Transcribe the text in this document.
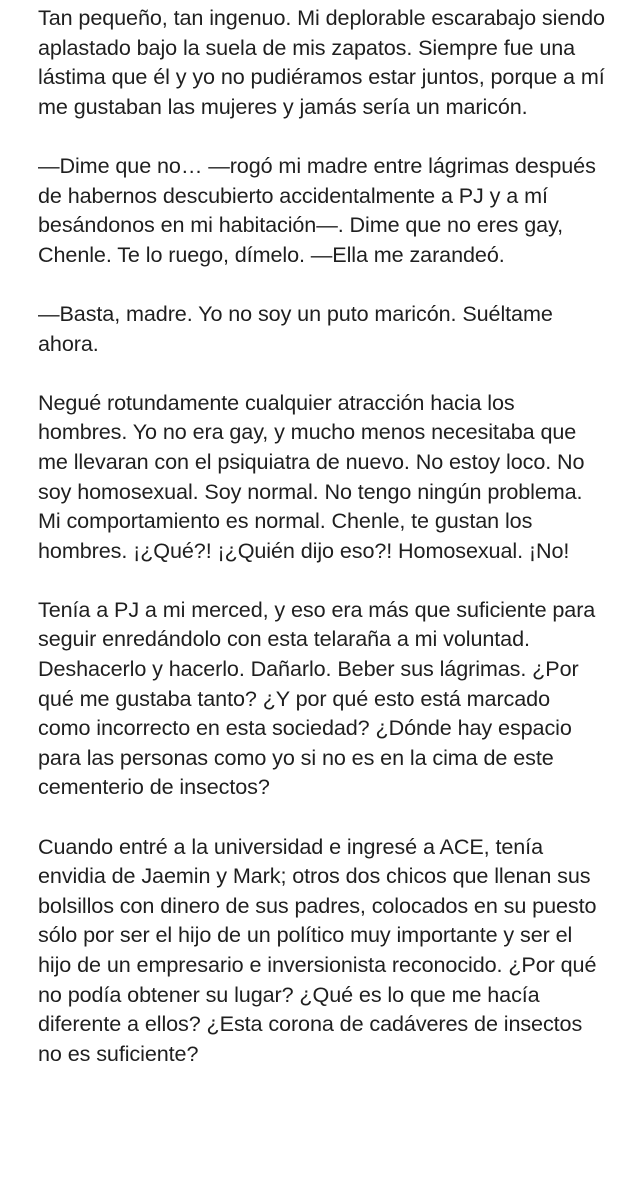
Tan pequeño, tan ingenuo. Mi deplorable escarabajo siendo aplastado bajo la suela de mis zapatos. Siempre fue una lástima que él y yo no pudiéramos estar juntos, porque a mí me gustaban las mujeres y jamás sería un maricón.

—Dime que no… —rogó mi madre entre lágrimas después de habernos descubierto accidentalmente a PJ y a mí besándonos en mi habitación—. Dime que no eres gay, Chenle. Te lo ruego, dímelo. —Ella me zarandeó.

—Basta, madre. Yo no soy un puto maricón. Suéltame ahora.

Negué rotundamente cualquier atracción hacia los hombres. Yo no era gay, y mucho menos necesitaba que me llevaran con el psiquiatra de nuevo. No estoy loco. No soy homosexual. Soy normal. No tengo ningún problema. Mi comportamiento es normal. Chenle, te gustan los hombres. ¡¿Qué?! ¡¿Quién dijo eso?! Homosexual. ¡No!

Tenía a PJ a mi merced, y eso era más que suficiente para seguir enredándolo con esta telaraña a mi voluntad. Deshacerlo y hacerlo. Dañarlo. Beber sus lágrimas. ¿Por qué me gustaba tanto? ¿Y por qué esto está marcado como incorrecto en esta sociedad? ¿Dónde hay espacio para las personas como yo si no es en la cima de este cementerio de insectos?

Cuando entré a la universidad e ingresé a ACE, tenía envidia de Jaemin y Mark; otros dos chicos que llenan sus bolsillos con dinero de sus padres, colocados en su puesto sólo por ser el hijo de un político muy importante y ser el hijo de un empresario e inversionista reconocido. ¿Por qué no podía obtener su lugar? ¿Qué es lo que me hacía diferente a ellos? ¿Esta corona de cadáveres de insectos no es suficiente?
